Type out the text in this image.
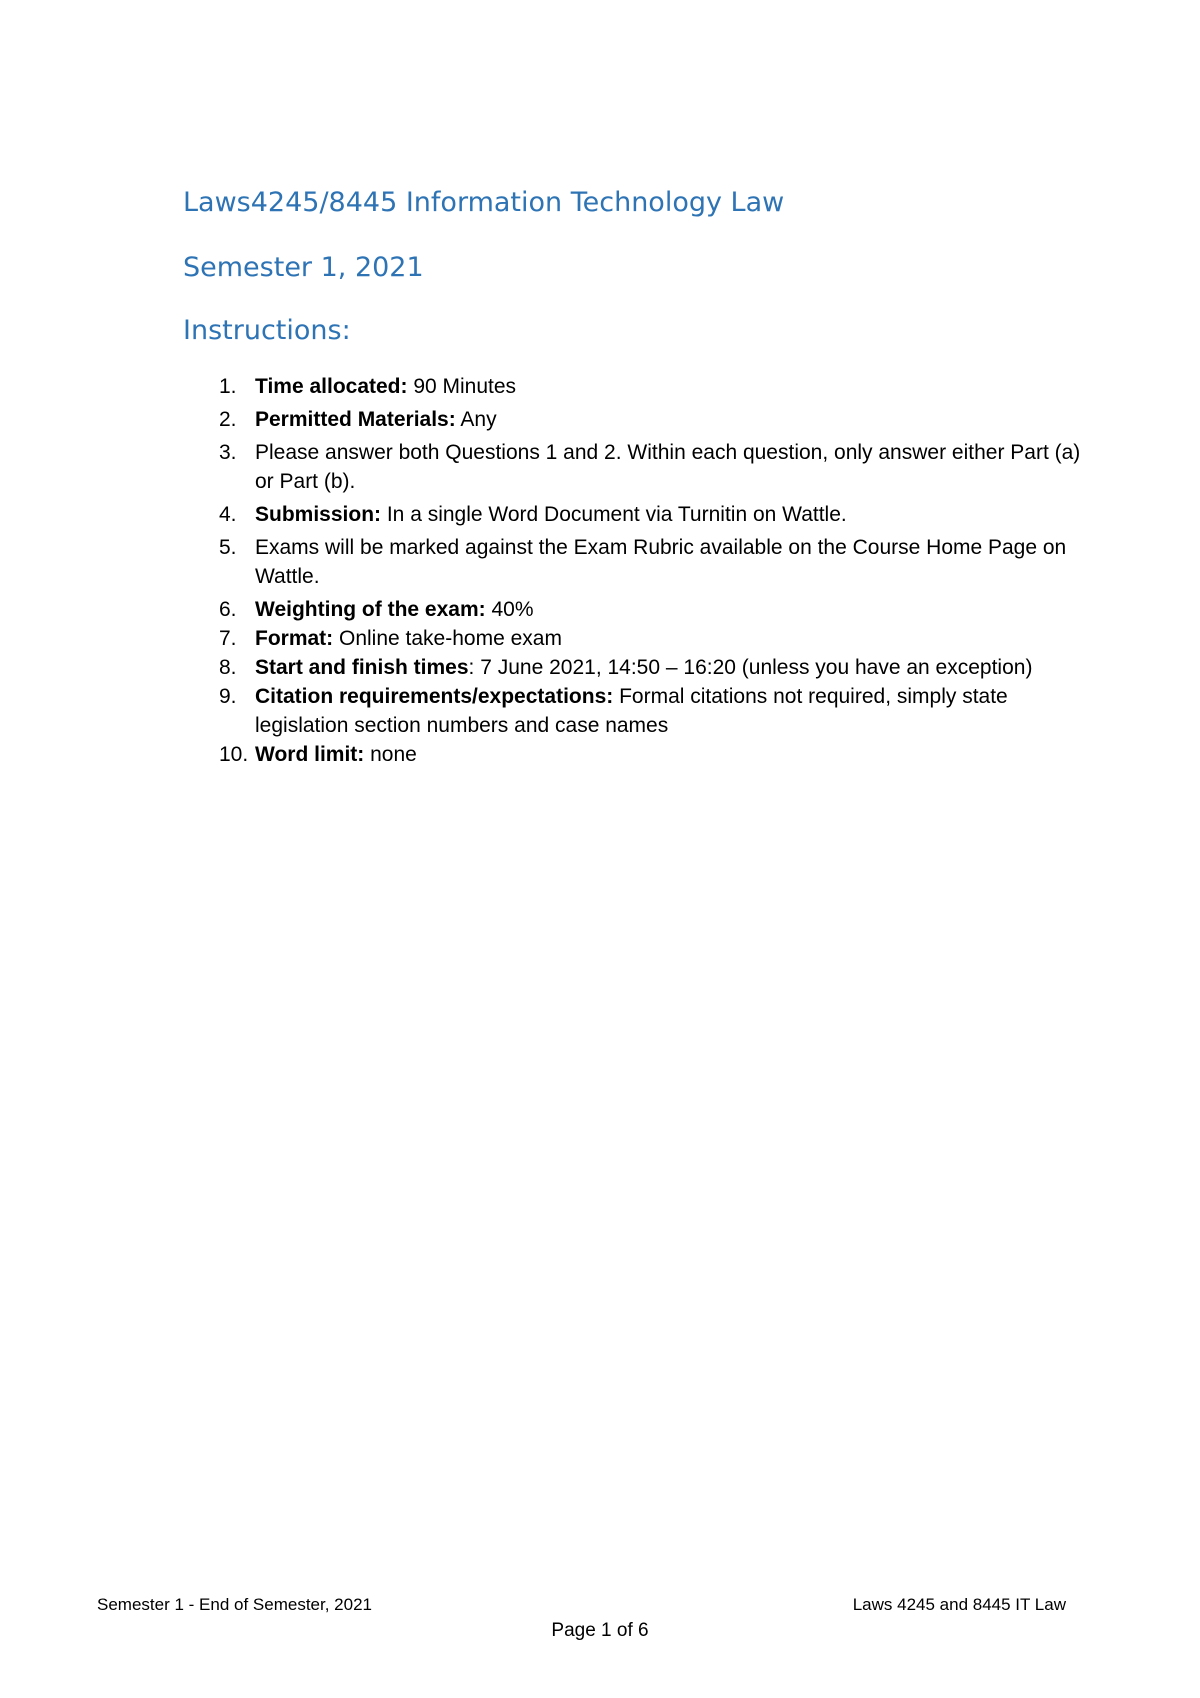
Laws4245/8445 Information Technology Law
Semester 1, 2021
Instructions:
1. Time allocated: 90 Minutes
2. Permitted Materials: Any
3. Please answer both Questions 1 and 2. Within each question, only answer either Part (a) or Part (b).
4. Submission: In a single Word Document via Turnitin on Wattle.
5. Exams will be marked against the Exam Rubric available on the Course Home Page on Wattle.
6. Weighting of the exam: 40%
7. Format: Online take-home exam
8. Start and finish times: 7 June 2021, 14:50 – 16:20 (unless you have an exception)
9. Citation requirements/expectations: Formal citations not required, simply state legislation section numbers and case names
10. Word limit: none
Semester 1 - End of Semester, 2021	Laws 4245 and 8445 IT Law
Page 1 of 6
